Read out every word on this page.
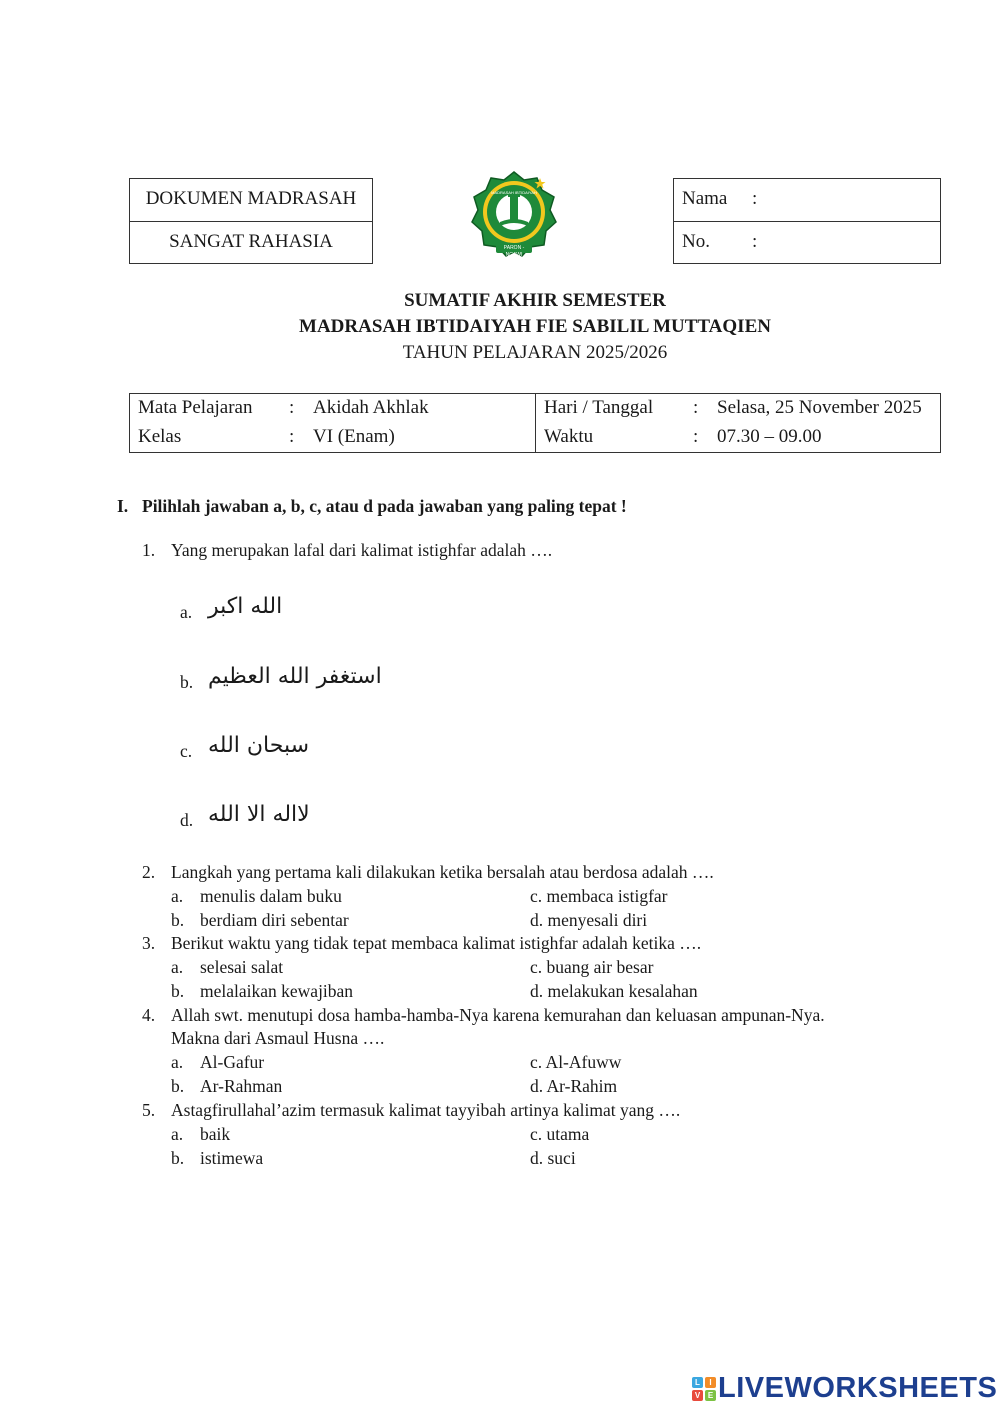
DOKUMEN MADRASAH
SANGAT RAHASIA
MADRASAH IBTIDAIYAH
PARON - NGAWI
Nama :
No. :
SUMATIF AKHIR SEMESTER
MADRASAH IBTIDAIYAH FIE SABILIL MUTTAQIEN
TAHUN PELAJARAN 2025/2026
Mata Pelajaran : Akidah Akhlak
Kelas	: VI (Enam)
Hari / Tanggal : Selasa, 25 November 2025
Waktu	: 07.30 – 09.00
I. Pilihlah jawaban a, b, c, atau d pada jawaban yang paling tepat !
1. Yang merupakan lafal dari kalimat istighfar adalah ….
a. الله اكبر
b. استغفر الله العظيم
c. سبحان الله
d. لااله الا الله
2. Langkah yang pertama kali dilakukan ketika bersalah atau berdosa adalah ….
a. menulis dalam buku	c. membaca istigfar
b. berdiam diri sebentar	d. menyesali diri
3. Berikut waktu yang tidak tepat membaca kalimat istighfar adalah ketika ….
a. selesai salat	c. buang air besar
b. melalaikan kewajiban	d. melakukan kesalahan
4. Allah swt. menutupi dosa hamba-hamba-Nya karena kemurahan dan keluasan ampunan-Nya.
Makna dari Asmaul Husna ….
a. Al-Gafur	c. Al-Afuww
b. Ar-Rahman	d. Ar-Rahim
5. Astagfirullahal’azim termasuk kalimat tayyibah artinya kalimat yang ….
a. baik	c. utama
b. istimewa	d. suci
L	I
V E LIVEWORKSHEETS
